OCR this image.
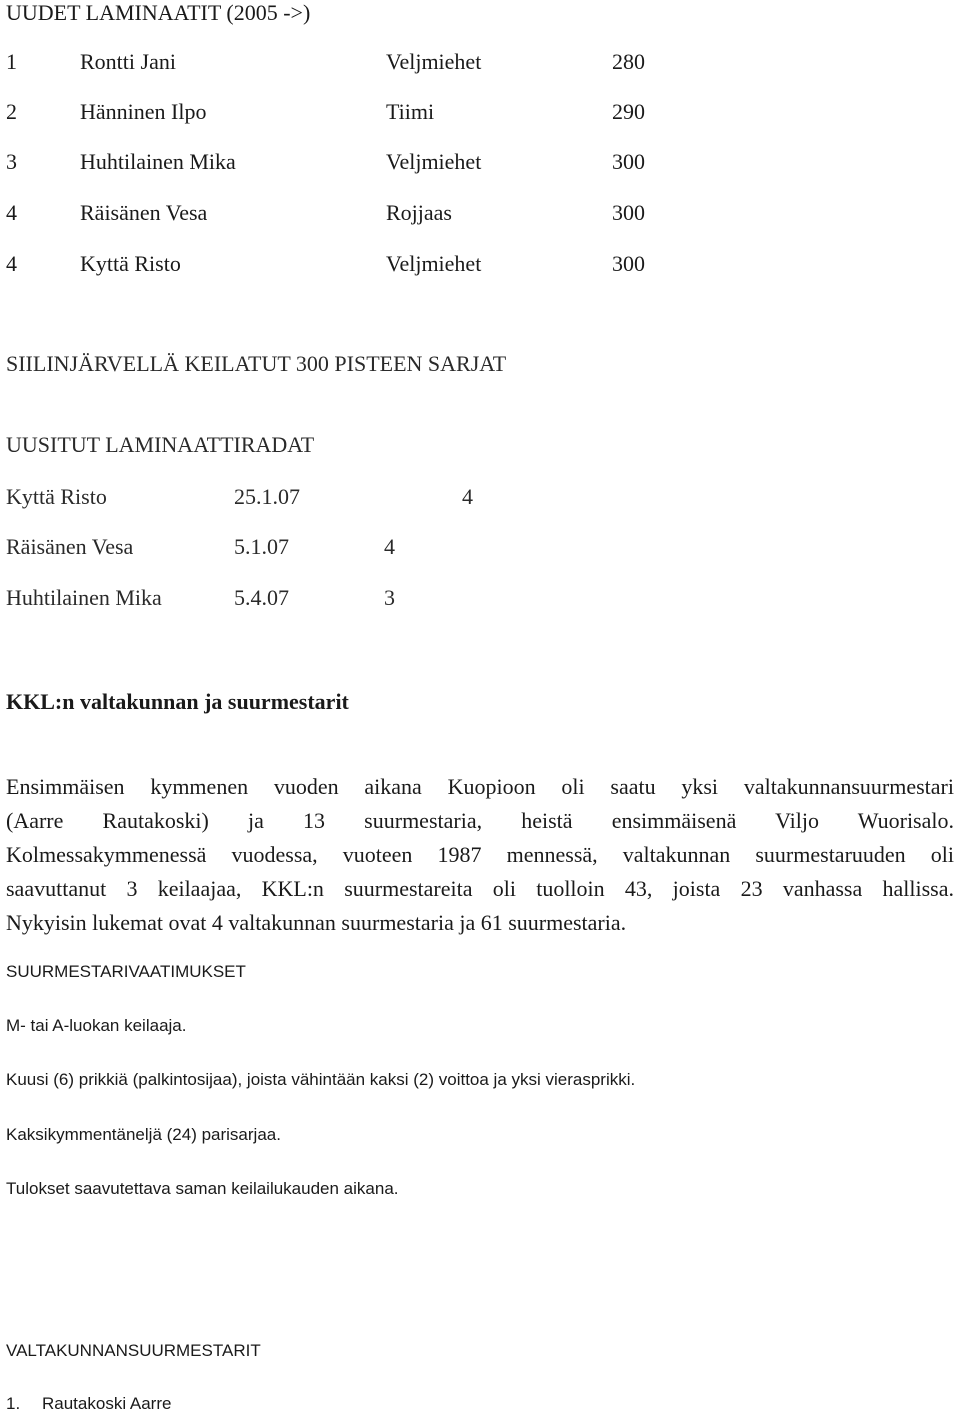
UUDET LAMINAATIT (2005 ->)
1	Rontti Jani	Veljmiehet	280
2	Hänninen Ilpo	Tiimi	290
3	Huhtilainen Mika	Veljmiehet	300
4	Räisänen Vesa	Rojjaas	300
4	Kyttä Risto	Veljmiehet	300
SIILINJÄRVELLÄ KEILATUT 300 PISTEEN SARJAT
UUSITUT LAMINAATTIRADAT
Kyttä Risto	25.1.07	4
Räisänen Vesa	5.1.07	4
Huhtilainen Mika	5.4.07	3
KKL:n valtakunnan ja suurmestarit
Ensimmäisen kymmenen vuoden aikana Kuopioon oli saatu yksi valtakunnansuurmestari
(Aarre Rautakoski) ja 13 suurmestaria, heistä ensimmäisenä Viljo Wuorisalo.
Kolmessakymmenessä vuodessa, vuoteen 1987 mennessä, valtakunnan suurmestaruuden oli
saavuttanut 3 keilaajaa, KKL:n suurmestareita oli tuolloin 43, joista 23 vanhassa hallissa.
Nykyisin lukemat ovat 4 valtakunnan suurmestaria ja 61 suurmestaria.
SUURMESTARIVAATIMUKSET
M- tai A-luokan keilaaja.
Kuusi (6) prikkiä (palkintosijaa), joista vähintään kaksi (2) voittoa ja yksi vierasprikki.
Kaksikymmentäneljä (24) parisarjaa.
Tulokset saavutettava saman keilailukauden aikana.
VALTAKUNNANSUURMESTARIT
1. Rautakoski Aarre
